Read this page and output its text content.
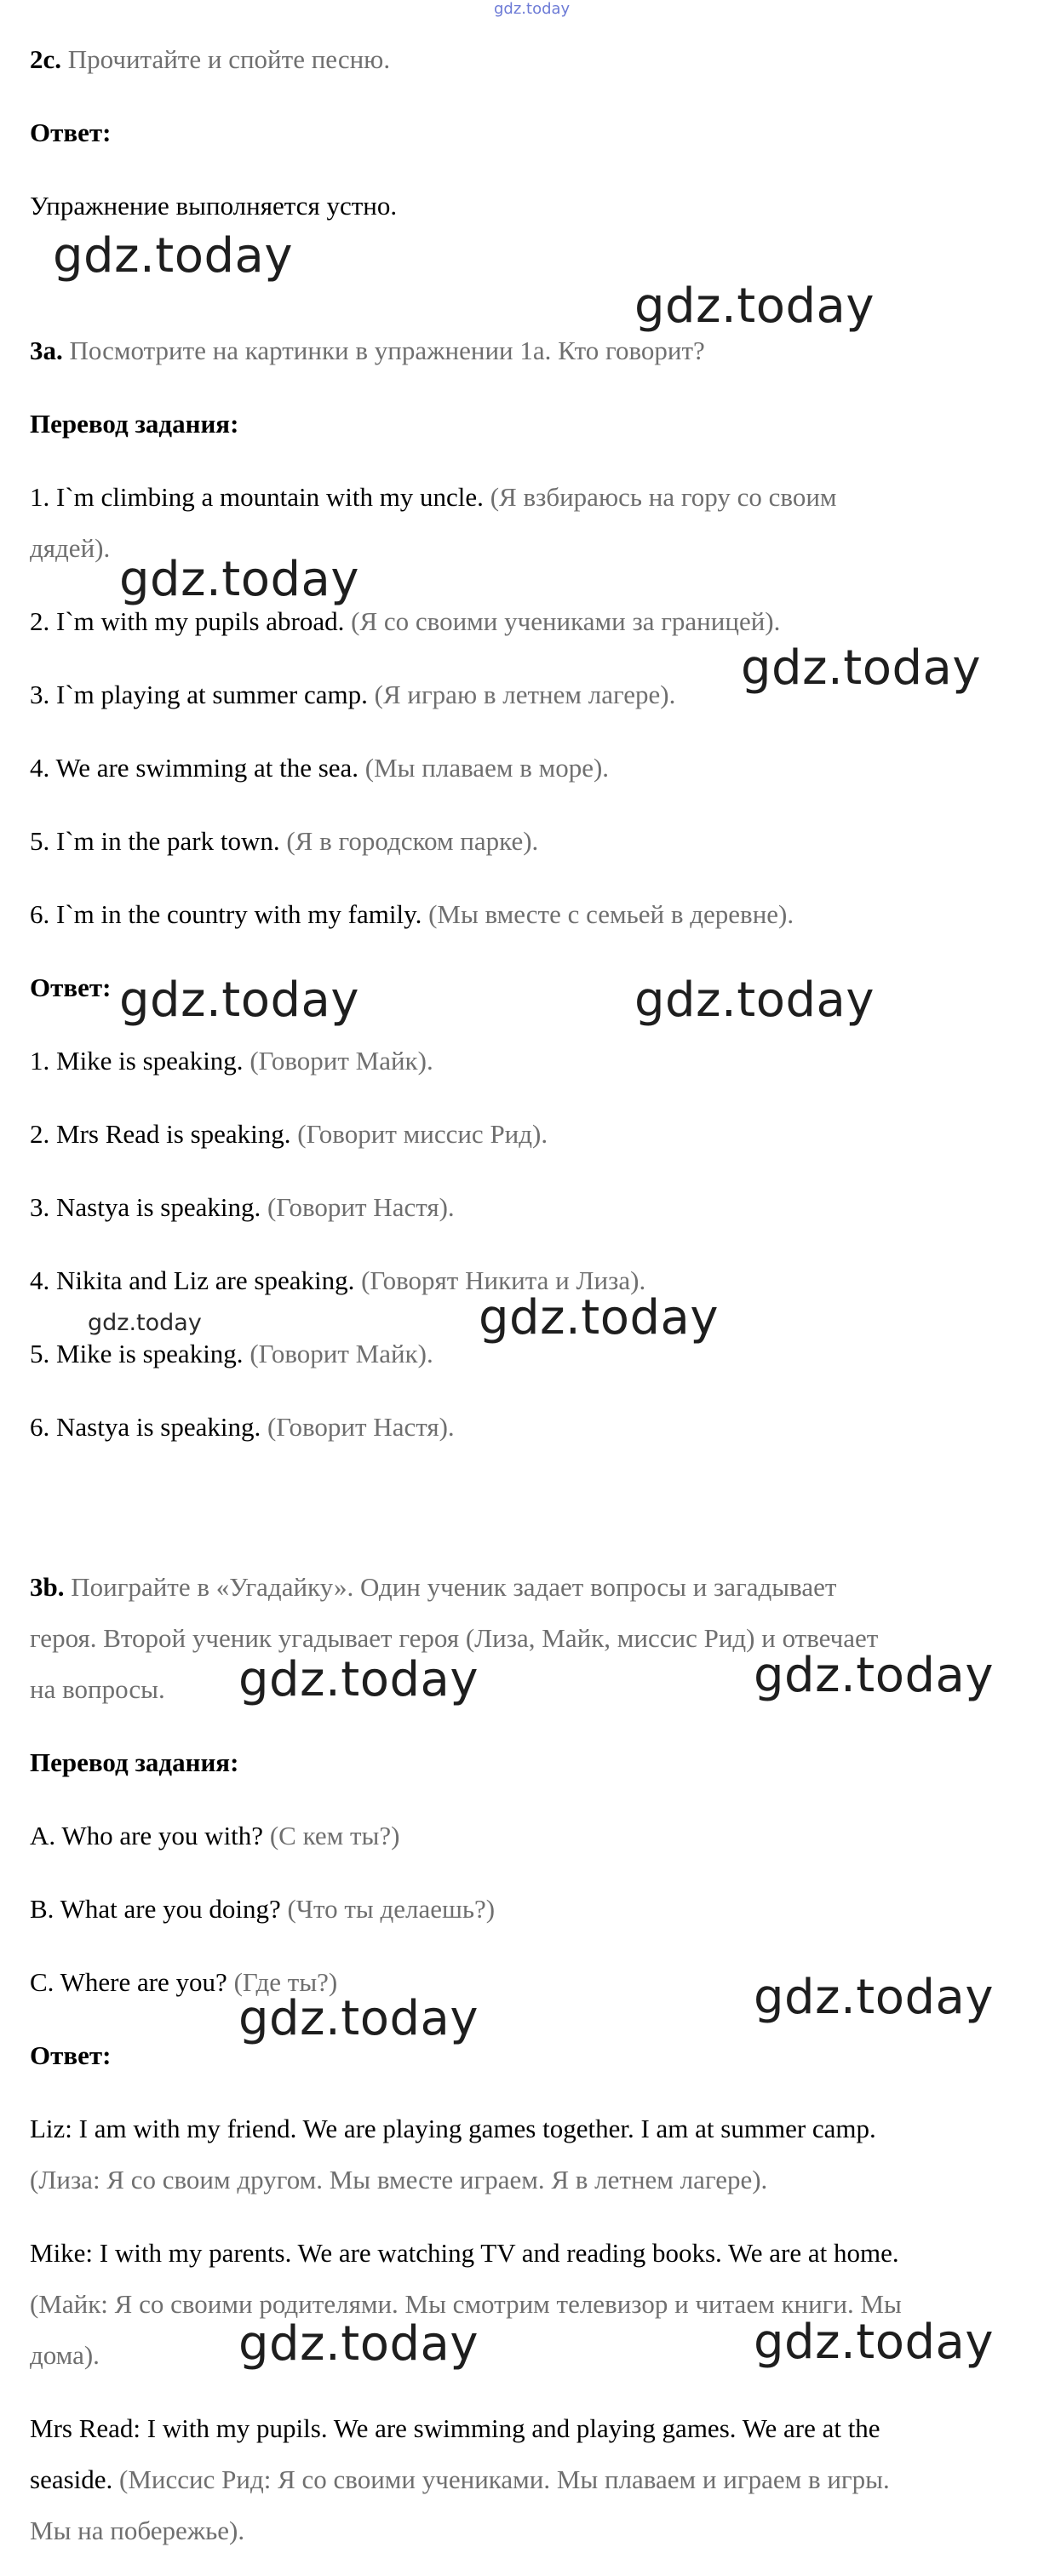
gdz.today
2c. Прочитайте и спойте песню.
Ответ:
Упражнение выполняется устно.
3a. Посмотрите на картинки в упражнении 1а. Кто говорит?
Перевод задания:
1. I`m climbing a mountain with my uncle. (Я взбираюсь на гору со своим
дядей).
2. I`m with my pupils abroad. (Я со своими учениками за границей).
3. I`m playing at summer camp. (Я играю в летнем лагере).
4. We are swimming at the sea. (Мы плаваем в море).
5. I`m in the park town. (Я в городском парке).
6. I`m in the country with my family. (Мы вместе с семьей в деревне).
Ответ:
1. Mike is speaking. (Говорит Майк).
2. Mrs Read is speaking. (Говорит миссис Рид).
3. Nastya is speaking. (Говорит Настя).
4. Nikita and Liz are speaking. (Говорят Никита и Лиза).
5. Mike is speaking. (Говорит Майк).
6. Nastya is speaking. (Говорит Настя).
3b. Поиграйте в «Угадайку». Один ученик задает вопросы и загадывает
героя. Второй ученик угадывает героя (Лиза, Майк, миссис Рид) и отвечает
на вопросы.
Перевод задания:
A. Who are you with? (С кем ты?)
B. What are you doing? (Что ты делаешь?)
C. Where are you? (Где ты?)
Ответ:
Liz: I am with my friend. We are playing games together. I am at summer camp.
(Лиза: Я со своим другом. Мы вместе играем. Я в летнем лагере).
Mike: I with my parents. We are watching TV and reading books. We are at home.
(Майк: Я со своими родителями. Мы смотрим телевизор и читаем книги. Мы
дома).
Mrs Read: I with my pupils. We are swimming and playing games. We are at the
seaside. (Миссис Рид: Я со своими учениками. Мы плаваем и играем в игры.
Мы на побережье).
gdz.today
gdz.today
gdz.today
gdz.today
gdz.today	gdz.today
gdz.today
gdz.today
gdz.today	gdz.today
gdz.today	gdz.today
gdz.today	gdz.today
